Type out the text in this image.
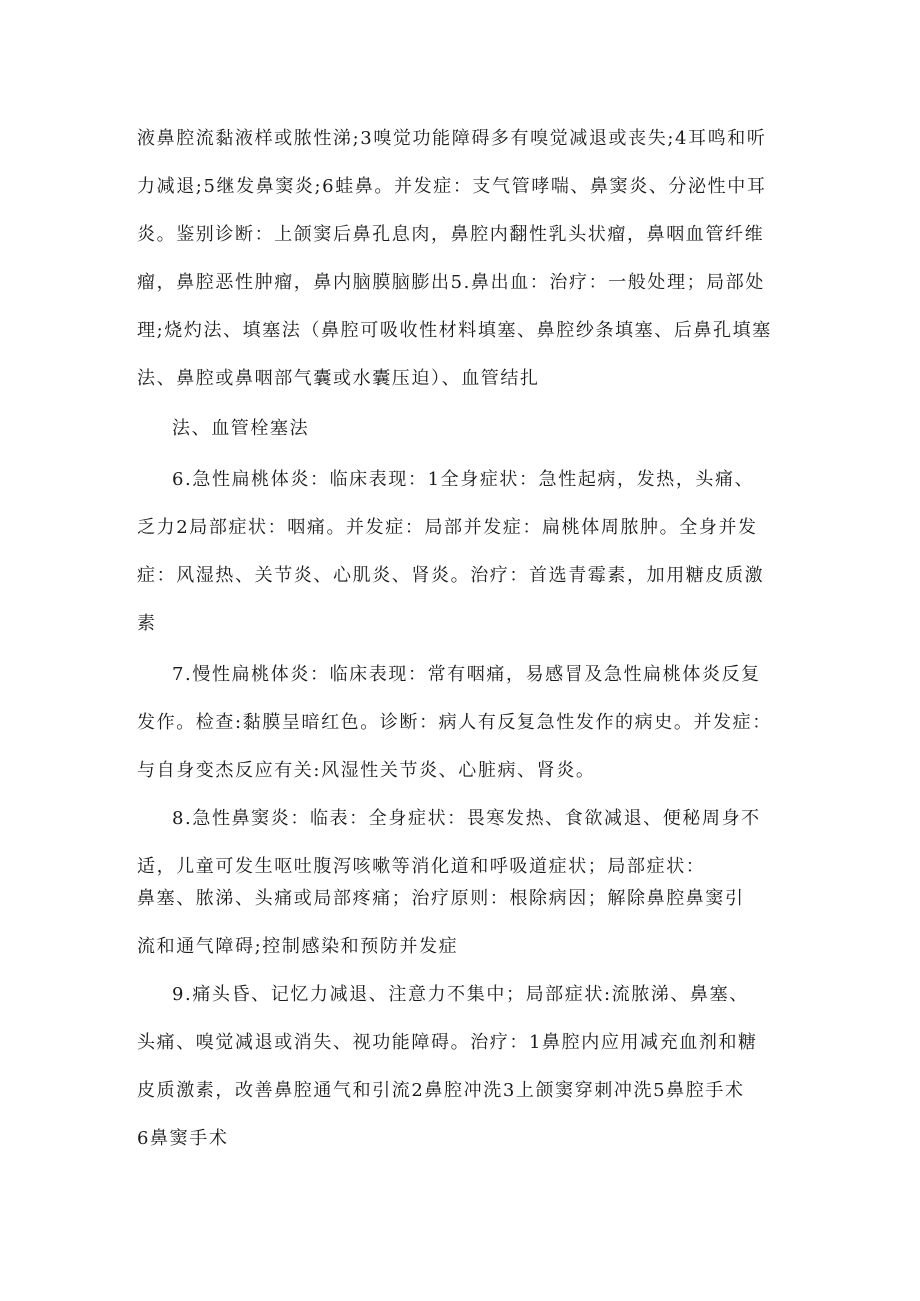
液鼻腔流黏液样或脓性涕;3嗅觉功能障碍多有嗅觉减退或丧失;4耳鸣和听
力减退;5继发鼻窦炎;6蛙鼻。并发症：支气管哮喘、鼻窦炎、分泌性中耳
炎。鉴别诊断：上颌窦后鼻孔息肉，鼻腔内翻性乳头状瘤，鼻咽血管纤维
瘤，鼻腔恶性肿瘤，鼻内脑膜脑膨出5.鼻出血：治疗：一般处理；局部处
理;烧灼法、填塞法（鼻腔可吸收性材料填塞、鼻腔纱条填塞、后鼻孔填塞
法、鼻腔或鼻咽部气囊或水囊压迫）、血管结扎
法、血管栓塞法
6.急性扁桃体炎：临床表现：1全身症状：急性起病，发热，头痛、
乏力2局部症状：咽痛。并发症：局部并发症：扁桃体周脓肿。全身并发
症：风湿热、关节炎、心肌炎、肾炎。治疗：首选青霉素，加用糖皮质激
素
7.慢性扁桃体炎：临床表现：常有咽痛，易感冒及急性扁桃体炎反复
发作。检查:黏膜呈暗红色。诊断：病人有反复急性发作的病史。并发症：
与自身变杰反应有关:风湿性关节炎、心脏病、肾炎。
8.急性鼻窦炎：临表：全身症状：畏寒发热、食欲减退、便秘周身不
适，儿童可发生呕吐腹泻咳嗽等消化道和呼吸道症状；局部症状：
鼻塞、脓涕、头痛或局部疼痛；治疗原则：根除病因；解除鼻腔鼻窦引
流和通气障碍;控制感染和预防并发症
9.痛头昏、记忆力减退、注意力不集中；局部症状:流脓涕、鼻塞、
头痛、嗅觉减退或消失、视功能障碍。治疗：1鼻腔内应用减充血剂和糖
皮质激素，改善鼻腔通气和引流2鼻腔冲洗3上颌窦穿刺冲洗5鼻腔手术
6鼻窦手术
